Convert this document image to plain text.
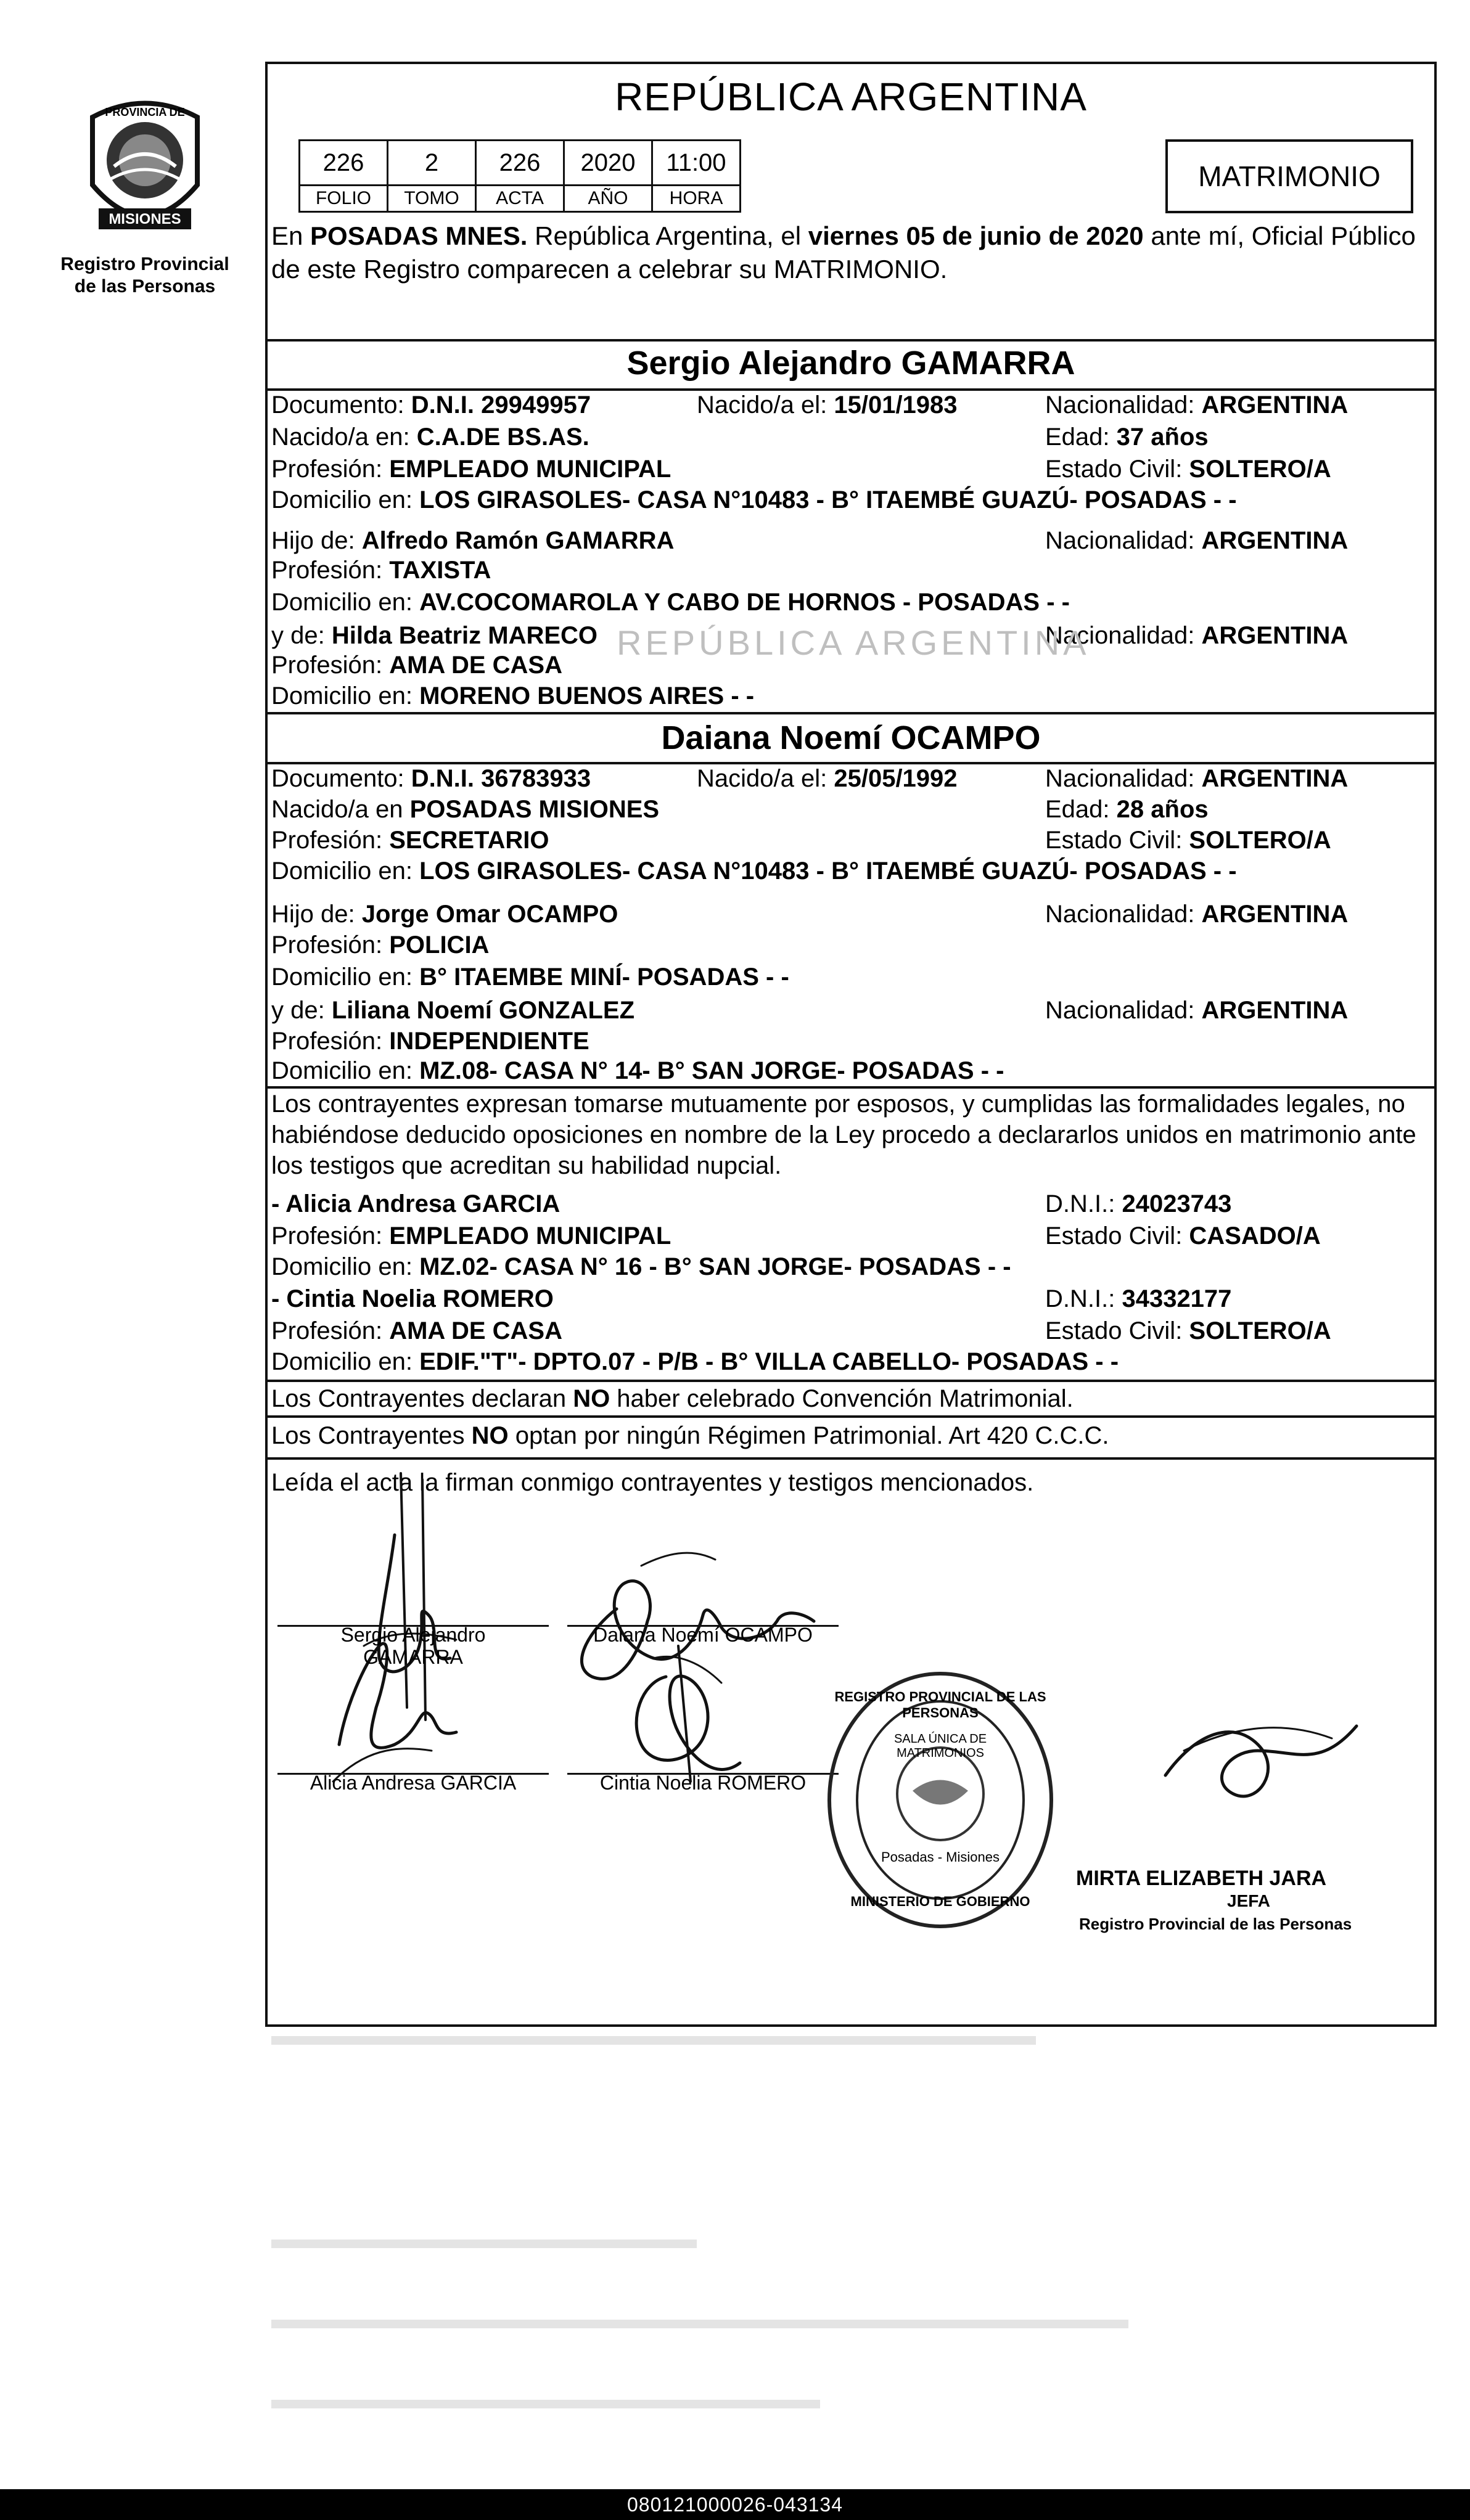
PROVINCIA DE
MISIONES
Registro Provincial
de las Personas
REPÚBLICA ARGENTINA
226	2	226	2020	11:00
FOLIO	TOMO	ACTA	AÑO	HORA
MATRIMONIO
En POSADAS MNES. República Argentina, el viernes 05 de junio de 2020 ante mí, Oficial Público de este Registro comparecen a celebrar su MATRIMONIO.
Sergio Alejandro GAMARRA
Documento: D.N.I. 29949957	Nacido/a el: 15/01/1983	Nacionalidad: ARGENTINA
Nacido/a en: C.A.DE BS.AS.	Edad: 37 años
Profesión: EMPLEADO MUNICIPAL	Estado Civil: SOLTERO/A
Domicilio en: LOS GIRASOLES- CASA N°10483 - B° ITAEMBÉ GUAZÚ- POSADAS - -
Hijo de: Alfredo Ramón GAMARRA	Nacionalidad: ARGENTINA
Profesión: TAXISTA
Domicilio en: AV.COCOMAROLA Y CABO DE HORNOS - POSADAS - -
y de: Hilda Beatriz MARECO	Nacionalidad: ARGENTINA
Profesión: AMA DE CASA
Domicilio en: MORENO BUENOS AIRES - -
REPÚBLICA ARGENTINA
Daiana Noemí OCAMPO
Documento: D.N.I. 36783933	Nacido/a el: 25/05/1992	Nacionalidad: ARGENTINA
Nacido/a en POSADAS MISIONES	Edad: 28 años
Profesión: SECRETARIO	Estado Civil: SOLTERO/A
Domicilio en: LOS GIRASOLES- CASA N°10483 - B° ITAEMBÉ GUAZÚ- POSADAS - -
Hijo de: Jorge Omar OCAMPO	Nacionalidad: ARGENTINA
Profesión: POLICIA
Domicilio en: B° ITAEMBE MINÍ- POSADAS - -
y de: Liliana Noemí GONZALEZ	Nacionalidad: ARGENTINA
Profesión: INDEPENDIENTE
Domicilio en: MZ.08- CASA N° 14- B° SAN JORGE- POSADAS - -
Los contrayentes expresan tomarse mutuamente por esposos, y cumplidas las formalidades legales, no habiéndose deducido oposiciones en nombre de la Ley procedo a declararlos unidos en matrimonio ante los testigos que acreditan su habilidad nupcial.
- Alicia Andresa GARCIA	D.N.I.: 24023743
Profesión: EMPLEADO MUNICIPAL	Estado Civil: CASADO/A
Domicilio en: MZ.02- CASA N° 16 - B° SAN JORGE- POSADAS - -
- Cintia Noelia ROMERO	D.N.I.: 34332177
Profesión: AMA DE CASA	Estado Civil: SOLTERO/A
Domicilio en: EDIF."T"- DPTO.07 - P/B - B° VILLA CABELLO- POSADAS - -
Los Contrayentes declaran NO haber celebrado Convención Matrimonial.
Los Contrayentes NO optan por ningún Régimen Patrimonial. Art 420 C.C.C.
Leída el acta la firman conmigo contrayentes y testigos mencionados.
Sergio Alejandro
GAMARRA
Daiana Noemí OCAMPO
Alicia Andresa GARCIA	Cintia Noelia ROMERO
REGISTRO PROVINCIAL DE LAS PERSONAS
SALA ÚNICA DE MATRIMONIOS
Posadas - Misiones
MINISTERIO DE GOBIERNO
MIRTA ELIZABETH JARA
JEFA
Registro Provincial de las Personas
080121000026-043134
